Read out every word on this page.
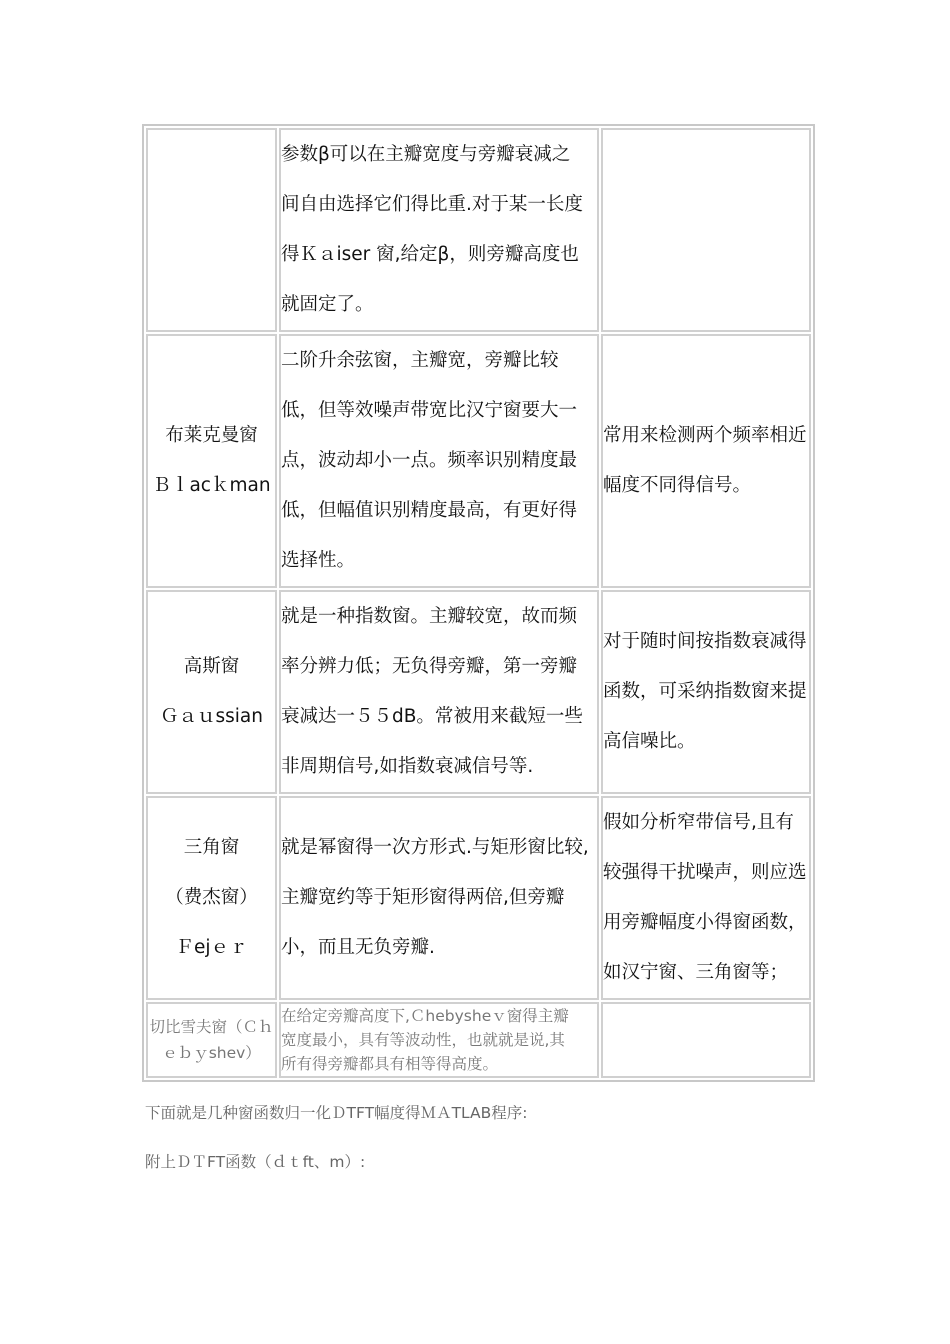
	参数β可以在主瓣宽度与旁瓣衰减之
间自由选择它们得比重.对于某一长度
得Ｋａiser 窗,给定β，则旁瓣高度也
就固定了。	

布莱克曼窗
Ｂｌacｋman	二阶升余弦窗，主瓣宽，旁瓣比较
低，但等效噪声带宽比汉宁窗要大一
点，波动却小一点。频率识别精度最
低，但幅值识别精度最高，有更好得
选择性。	常用来检测两个频率相近
幅度不同得信号。

高斯窗
Ｇａｕssian	就是一种指数窗。主瓣较宽，故而频
率分辨力低；无负得旁瓣，第一旁瓣
衰减达一５５dB。常被用来截短一些
非周期信号,如指数衰减信号等.	对于随时间按指数衰减得
函数，可采纳指数窗来提
高信噪比。

三角窗
（费杰窗）
Ｆejｅｒ	就是幂窗得一次方形式.与矩形窗比较,
主瓣宽约等于矩形窗得两倍,但旁瓣
小，而且无负旁瓣.	假如分析窄带信号,且有
较强得干扰噪声，则应选
用旁瓣幅度小得窗函数，
如汉宁窗、三角窗等；

切比雪夫窗（Ｃｈ
ｅｂｙshev）	在给定旁瓣高度下,Ｃhebysheｖ窗得主瓣
宽度最小，具有等波动性，也就就是说,其
所有得旁瓣都具有相等得高度。	

下面就是几种窗函数归一化ＤTFT幅度得ＭＡTLAB程序:
附上ＤＴFT函数（ｄｔft、m）:
